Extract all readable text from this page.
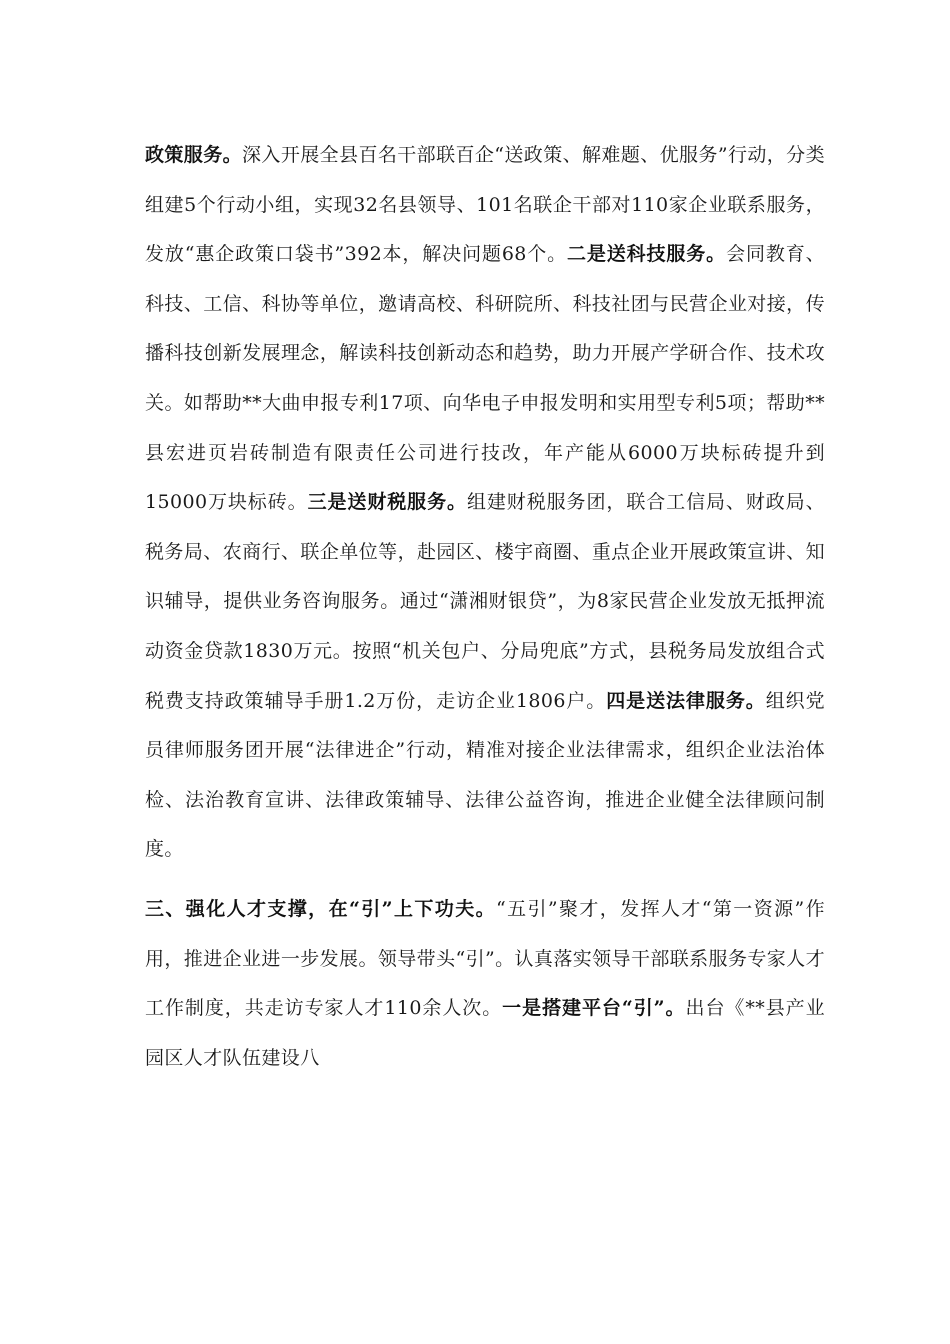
政策服务。深入开展全县百名干部联百企“送政策、解难题、优服务”行动，分类组建5个行动小组，实现32名县领导、101名联企干部对110家企业联系服务，发放“惠企政策口袋书”392本，解决问题68个。二是送科技服务。会同教育、科技、工信、科协等单位，邀请高校、科研院所、科技社团与民营企业对接，传播科技创新发展理念，解读科技创新动态和趋势，助力开展产学研合作、技术攻关。如帮助**大曲申报专利17项、向华电子申报发明和实用型专利5项；帮助**县宏进页岩砖制造有限责任公司进行技改，年产能从6000万块标砖提升到15000万块标砖。三是送财税服务。组建财税服务团，联合工信局、财政局、税务局、农商行、联企单位等，赴园区、楼宇商圈、重点企业开展政策宣讲、知识辅导，提供业务咨询服务。通过“潇湘财银贷”，为8家民营企业发放无抵押流动资金贷款1830万元。按照“机关包户、分局兜底”方式，县税务局发放组合式税费支持政策辅导手册1.2万份，走访企业1806户。四是送法律服务。组织党员律师服务团开展“法律进企”行动，精准对接企业法律需求，组织企业法治体检、法治教育宣讲、法律政策辅导、法律公益咨询，推进企业健全法律顾问制度。

三、强化人才支撑，在“引”上下功夫。“五引”聚才，发挥人才“第一资源”作用，推进企业进一步发展。领导带头“引”。认真落实领导干部联系服务专家人才工作制度，共走访专家人才110余人次。一是搭建平台“引”。出台《**县产业园区人才队伍建设八
